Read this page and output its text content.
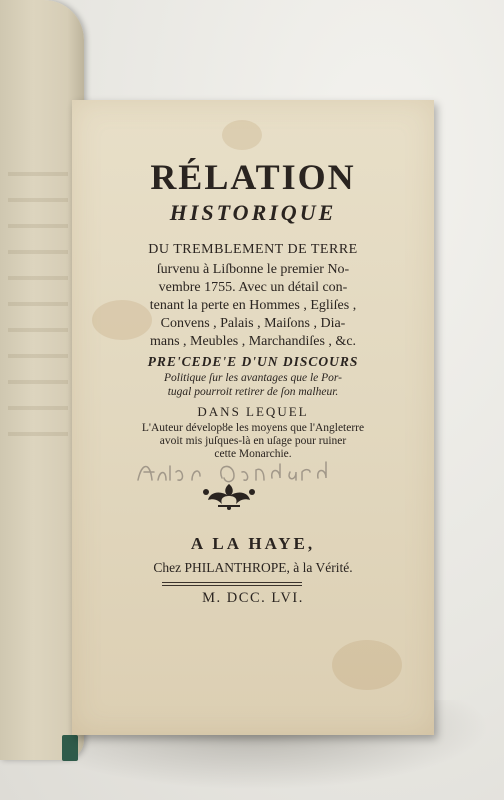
RÉLATION
HISTORIQUE
DU TREMBLEMENT DE TERRE
ſurvenu à Liſbonne le premier No-
vembre 1755. Avec un détail con-
tenant la perte en Hommes , Egliſes ,
Convens , Palais , Maiſons , Dia-
mans , Meubles , Marchandiſes , &c.
PRE'CEDE'E D'UN DISCOURS
Politique ſur les avantages que le Por-
tugal pourroit retirer de ſon malheur.
DANS LEQUEL
L'Auteur dévelopȣe les moyens que l'Angleterre
avoit mis juſques-là en uſage pour ruiner
cette Monarchie.
A LA HAYE,
Chez PHILANTHROPE, à la Vérité.
M. DCC. LVI.
